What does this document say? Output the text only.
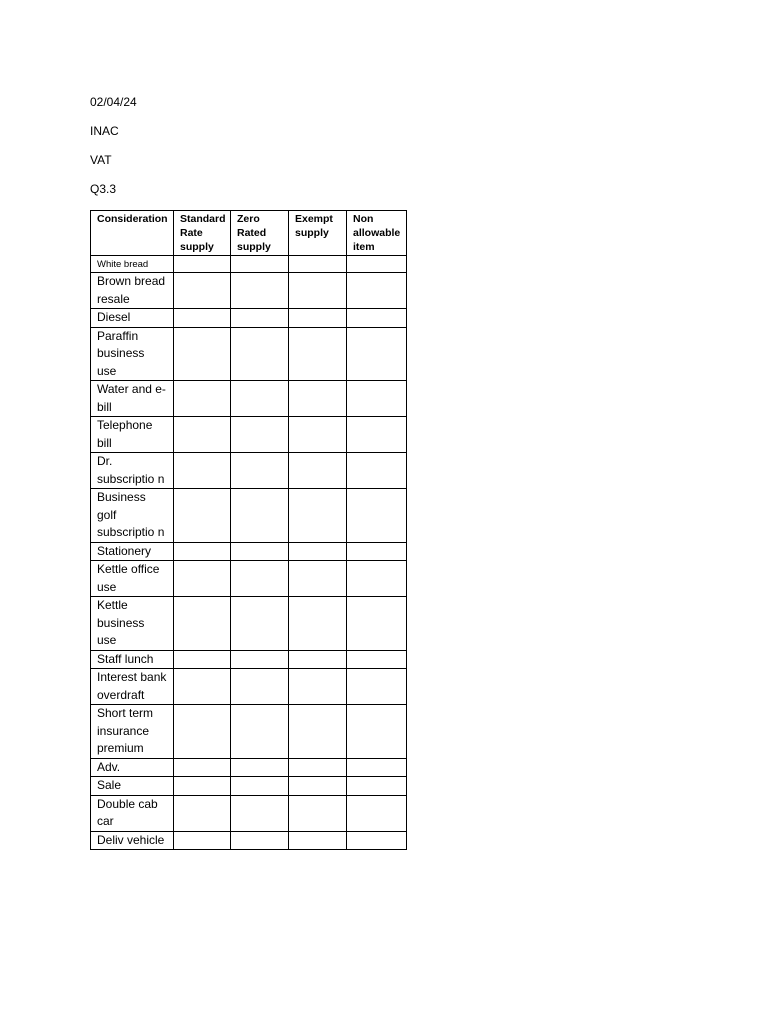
02/04/24
INAC
VAT
Q3.3
Consideration	Standard Rate supply	Zero Rated supply	Exempt supply	Non allowable item
White bread				
Brown bread resale				
Diesel				
Paraffin business use				
Water and e-bill				
Telephone bill				
Dr. subscriptio n				
Business golf subscriptio n				
Stationery				
Kettle office use				
Kettle business use				
Staff lunch				
Interest bank overdraft				
Short term insurance premium				
Adv.				
Sale				
Double cab car				
Deliv vehicle				
